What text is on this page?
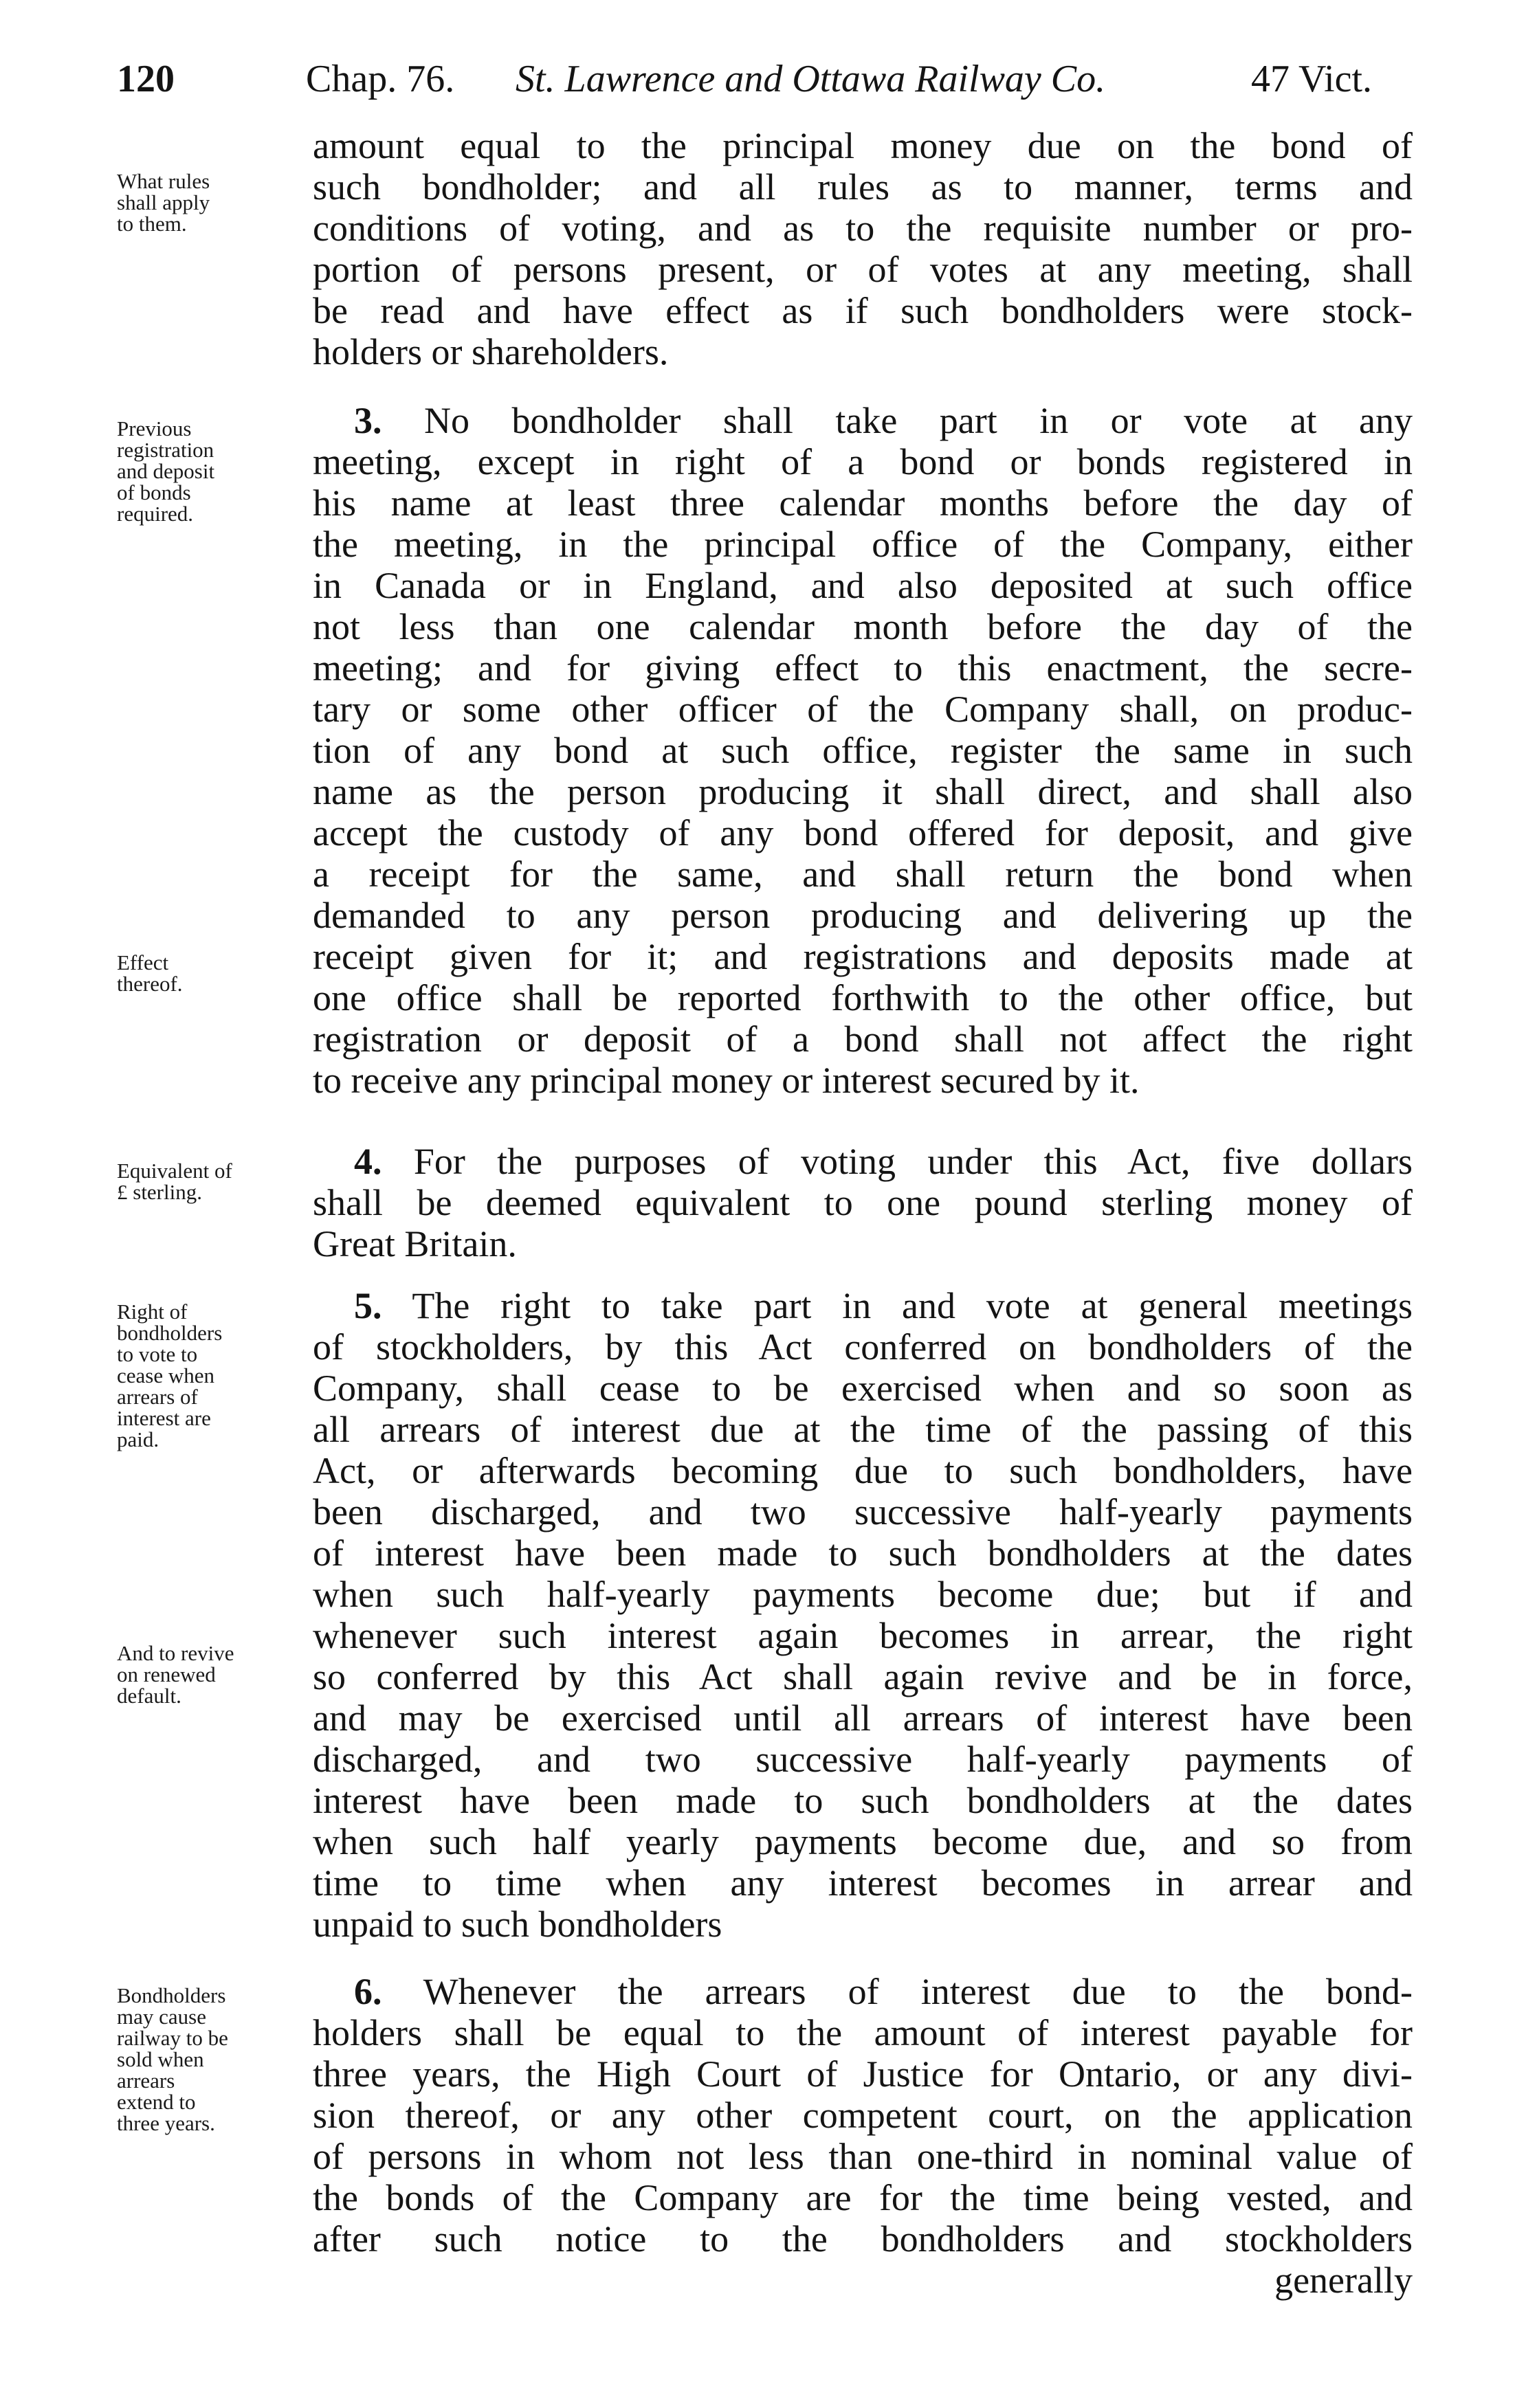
120	Chap. 76. St. Lawrence and Ottawa Railway Co.	47 Vict.
What rules
shall apply
to them.
Previous
registration
and deposit
of bonds
required.
Effect
thereof.
Equivalent of
£ sterling.
Right of
bondholders
to vote to
cease when
arrears of
interest are
paid.
And to revive
on renewed
default.
Bondholders
may cause
railway to be
sold when
arrears
extend to
three years.
amount equal to the principal money due on the bond of
such bondholder; and all rules as to manner, terms and
conditions of voting, and as to the requisite number or pro-
portion of persons present, or of votes at any meeting, shall
be read and have effect as if such bondholders were stock-
holders or shareholders.
3. No bondholder shall take part in or vote at any
meeting, except in right of a bond or bonds registered in
his name at least three calendar months before the day of
the meeting, in the principal office of the Company, either
in Canada or in England, and also deposited at such office
not less than one calendar month before the day of the
meeting; and for giving effect to this enactment, the secre-
tary or some other officer of the Company shall, on produc-
tion of any bond at such office, register the same in such
name as the person producing it shall direct, and shall also
accept the custody of any bond offered for deposit, and give
a receipt for the same, and shall return the bond when
demanded to any person producing and delivering up the
receipt given for it; and registrations and deposits made at
one office shall be reported forthwith to the other office, but
registration or deposit of a bond shall not affect the right
to receive any principal money or interest secured by it.
4. For the purposes of voting under this Act, five dollars
shall be deemed equivalent to one pound sterling money of
Great Britain.
5. The right to take part in and vote at general meetings
of stockholders, by this Act conferred on bondholders of the
Company, shall cease to be exercised when and so soon as
all arrears of interest due at the time of the passing of this
Act, or afterwards becoming due to such bondholders, have
been discharged, and two successive half-yearly payments
of interest have been made to such bondholders at the dates
when such half-yearly payments become due; but if and
whenever such interest again becomes in arrear, the right
so conferred by this Act shall again revive and be in force,
and may be exercised until all arrears of interest have been
discharged, and two successive half-yearly payments of
interest have been made to such bondholders at the dates
when such half yearly payments become due, and so from
time to time when any interest becomes in arrear and
unpaid to such bondholders
6. Whenever the arrears of interest due to the bond-
holders shall be equal to the amount of interest payable for
three years, the High Court of Justice for Ontario, or any divi-
sion thereof, or any other competent court, on the application
of persons in whom not less than one-third in nominal value of
the bonds of the Company are for the time being vested, and
after such notice to the bondholders and stockholders
generally
